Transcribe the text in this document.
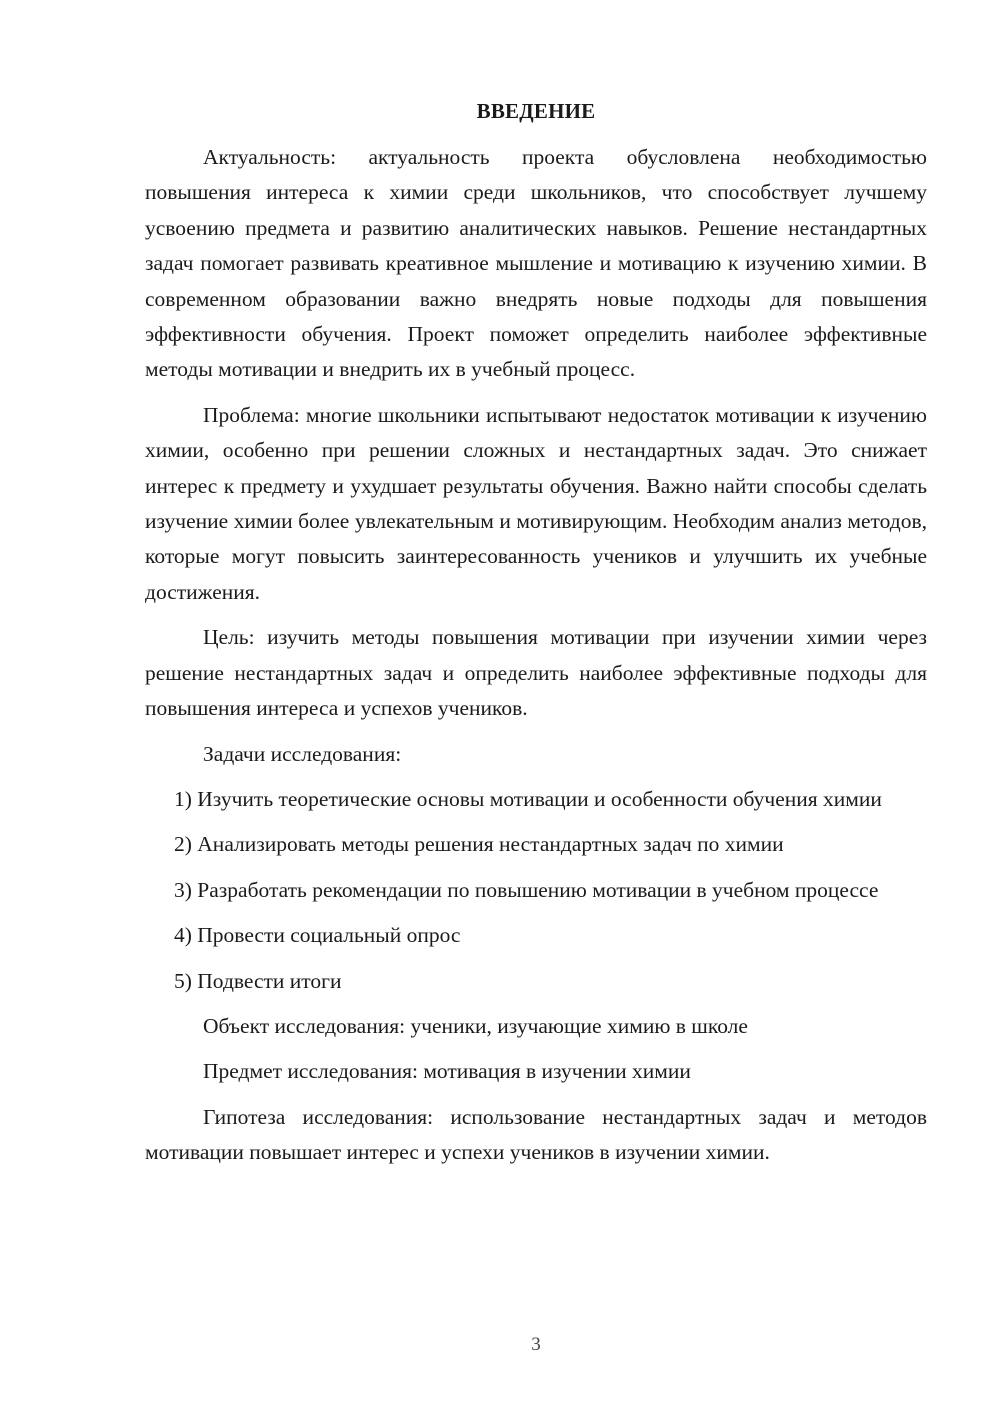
ВВЕДЕНИЕ

Актуальность: актуальность проекта обусловлена необходимостью повышения интереса к химии среди школьников, что способствует лучшему усвоению предмета и развитию аналитических навыков. Решение нестандартных задач помогает развивать креативное мышление и мотивацию к изучению химии. В современном образовании важно внедрять новые подходы для повышения эффективности обучения. Проект поможет определить наиболее эффективные методы мотивации и внедрить их в учебный процесс.

Проблема: многие школьники испытывают недостаток мотивации к изучению химии, особенно при решении сложных и нестандартных задач. Это снижает интерес к предмету и ухудшает результаты обучения. Важно найти способы сделать изучение химии более увлекательным и мотивирующим. Необходим анализ методов, которые могут повысить заинтересованность учеников и улучшить их учебные достижения.

Цель: изучить методы повышения мотивации при изучении химии через решение нестандартных задач и определить наиболее эффективные подходы для повышения интереса и успехов учеников.

Задачи исследования:

1) Изучить теоретические основы мотивации и особенности обучения химии

2) Анализировать методы решения нестандартных задач по химии

3) Разработать рекомендации по повышению мотивации в учебном процессе

4) Провести социальный опрос

5) Подвести итоги

Объект исследования: ученики, изучающие химию в школе

Предмет исследования: мотивация в изучении химии

Гипотеза исследования: использование нестандартных задач и методов мотивации повышает интерес и успехи учеников в изучении химии.

3
